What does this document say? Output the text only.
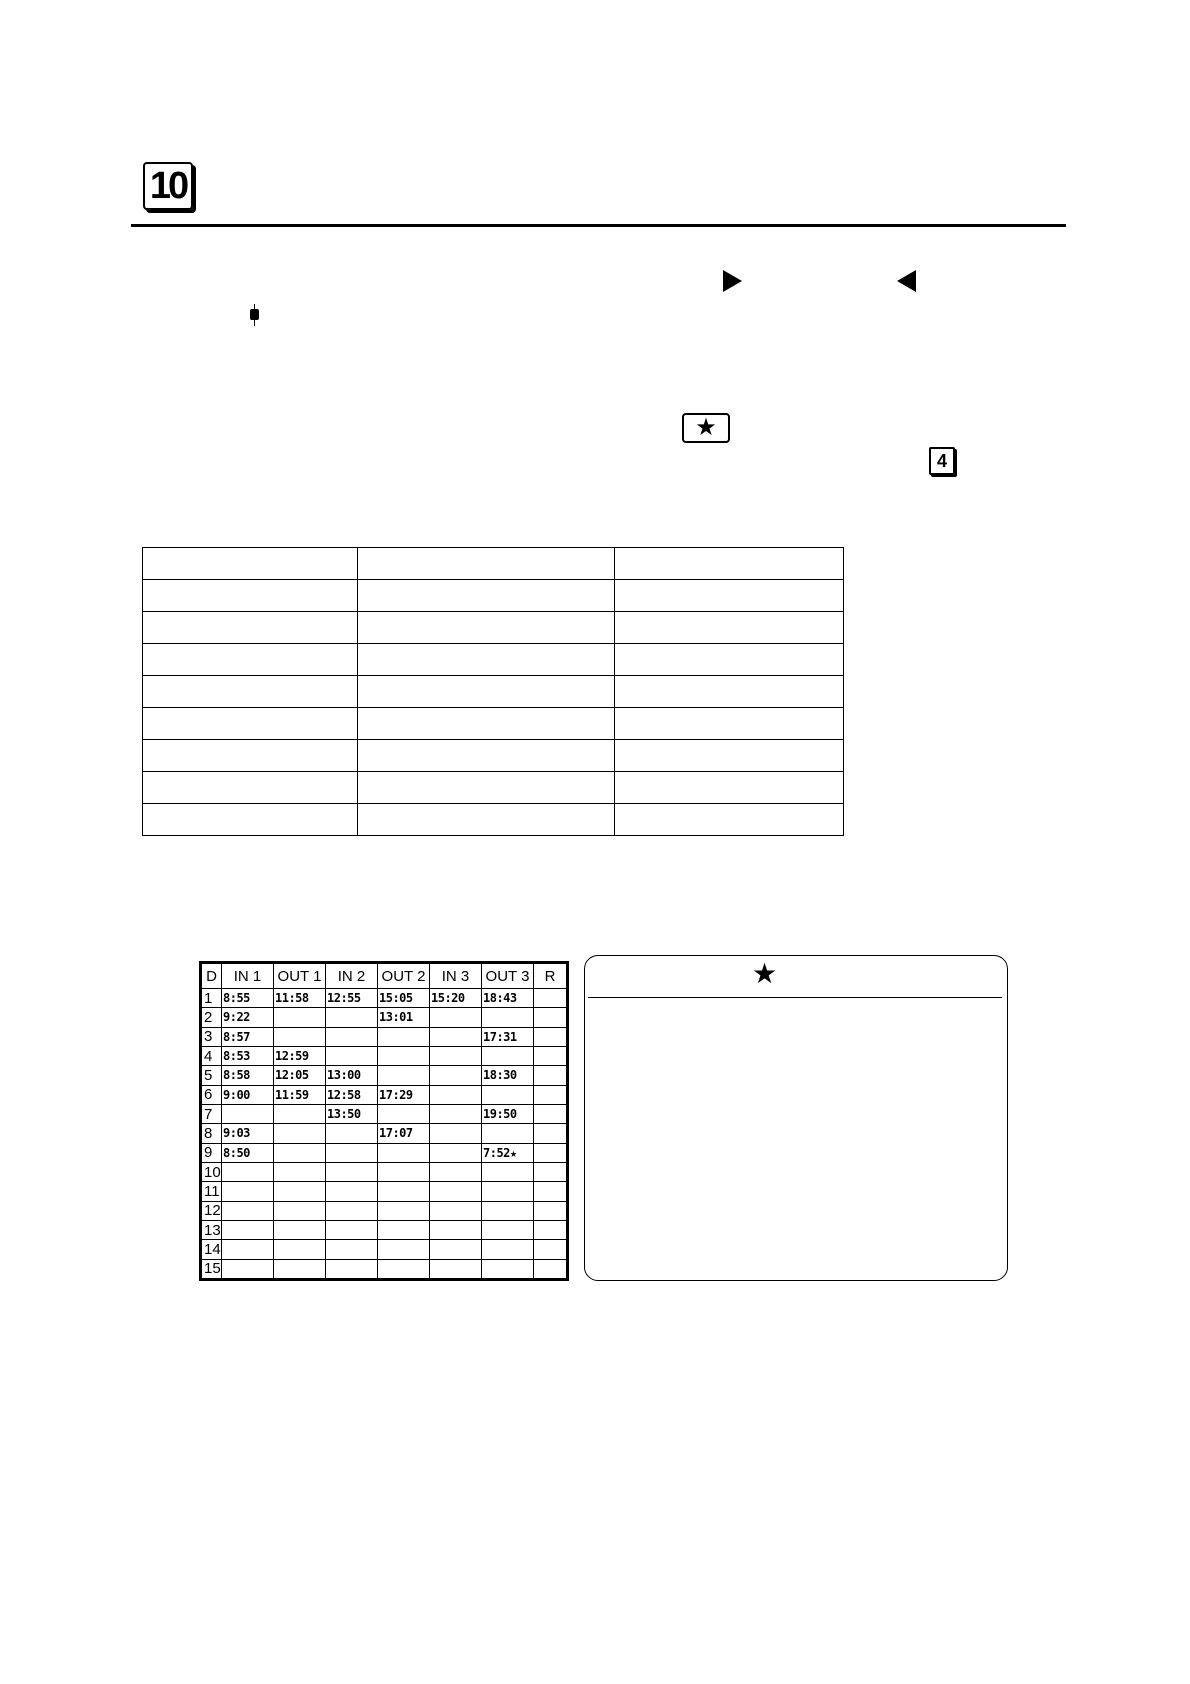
10
★
4

D	IN 1	OUT 1	IN 2	OUT 2	IN 3	OUT 3	R
1	8:55	11:58	12:55	15:05	15:20	18:43	
2	9:22			13:01			
3	8:57					17:31	
4	8:53	12:59					
5	8:58	12:05	13:00			18:30	
6	9:00	11:59	12:58	17:29			
7			13:50			19:50	
8	9:03			17:07			
9	8:50					7:52★	
10							
11							
12							
13							
14							
15							
★
